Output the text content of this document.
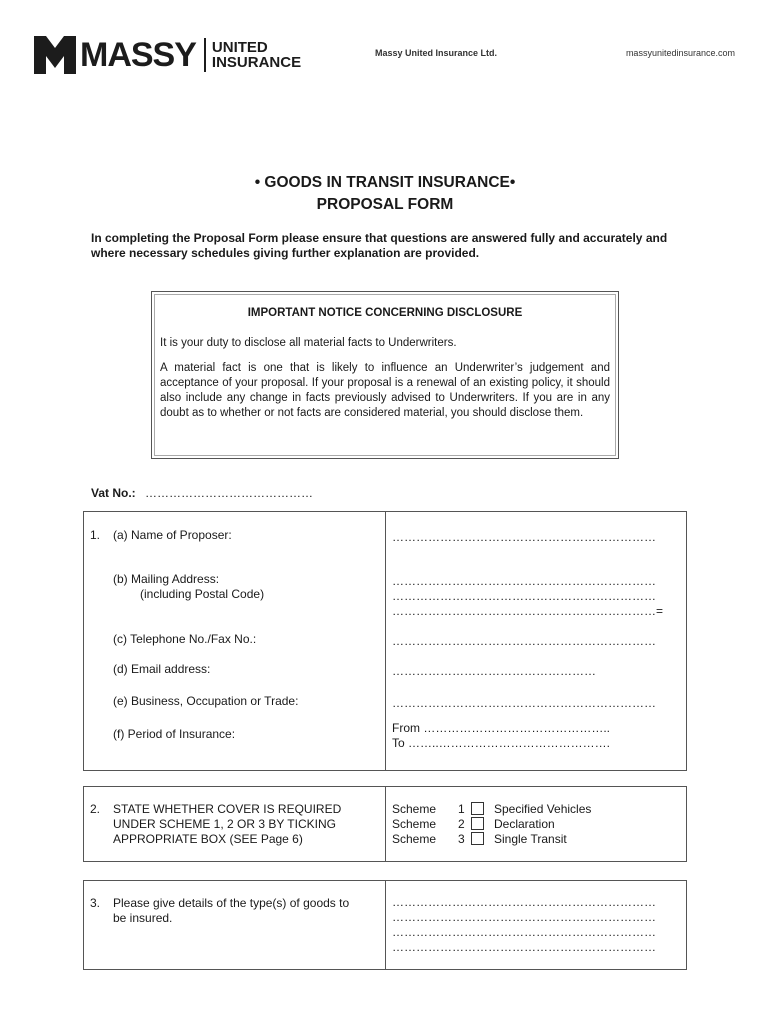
MASSY UNITED
INSURANCE
Massy United Insurance Ltd.	massyunitedinsurance.com
• GOODS IN TRANSIT INSURANCE•
PROPOSAL FORM
In completing the Proposal Form please ensure that questions are answered fully and accurately and where necessary schedules giving further explanation are provided.
IMPORTANT NOTICE CONCERNING DISCLOSURE

It is your duty to disclose all material facts to Underwriters.

A material fact is one that is likely to influence an Underwriter’s judgement and acceptance of your proposal. If your proposal is a renewal of an existing policy, it should also include any change in facts previously advised to Underwriters. If you are in any doubt as to whether or not facts are considered material, you should disclose them.

Vat No.: ……………………………………
1. (a) Name of Proposer:	…………………………………………………………
(b) Mailing Address:
(including Postal Code)
…………………………………………………………
…………………………………………………………
…………………………………………………………=
(c) Telephone No./Fax No.:	…………………………………………………………
(d) Email address:	……………………………………………
(e) Business, Occupation or Trade:	…………………………………………………………
(f) Period of Insurance:	From ………………………………………..
To ……..…………………………………….
2. STATE WHETHER COVER IS REQUIRED
UNDER SCHEME 1, 2 OR 3 BY TICKING
APPROPRIATE BOX (SEE Page 6)
Scheme 1 Specified Vehicles
Scheme 2 Declaration
Scheme 3 Single Transit
3. Please give details of the type(s) of goods to
be insured.
…………………………………………………………
…………………………………………………………
…………………………………………………………
…………………………………………………………
